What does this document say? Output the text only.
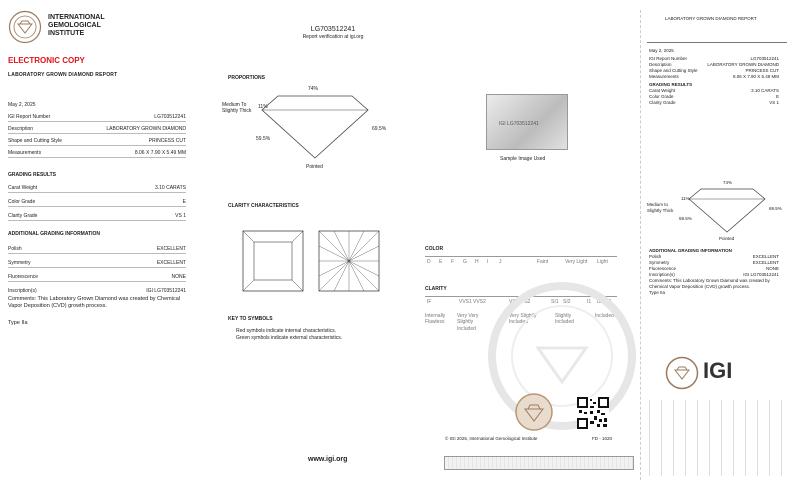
INTERNATIONAL
GEMOLOGICAL
INSTITUTE
ELECTRONIC COPY
LABORATORY GROWN DIAMOND REPORT
May 2, 2025
IGI Report Number	LG703512241
Description	LABORATORY GROWN DIAMOND
Shape and Cutting Style	PRINCESS CUT
Measurements	8.06 X 7.90 X 5.49 MM
GRADING RESULTS
Carat Weight	3.10 CARATS
Color Grade	E
Clarity Grade	VS 1
ADDITIONAL GRADING INFORMATION
Polish	EXCELLENT
Symmetry	EXCELLENT
Fluorescence	NONE
Inscription(s)	IGI LG703512241
Comments: This Laboratory Grown Diamond was created by Chemical Vapor Deposition (CVD) growth process.
Type IIa
LG703512241
Report verification at igi.org
PROPORTIONS
74%
69.5%
11%
59.5%
Medium To Slightly Thick
Pointed
IGI LG703512241
Sample Image Used
CLARITY CHARACTERISTICS
KEY TO SYMBOLS
Red symbols indicate internal characteristics.
Green symbols indicate external characteristics.
COLOR
D E F G H I J	Faint	Very Light Light
CLARITY
IF	VVS1 VVS2	VS1 VS2	SI1 SI2	I1 I2 I3
Internally Flawless
Very Very Slightly Included
Very Slightly Included
Slightly Included
Included
© IGI 2025, International Gemological Institute	FD - 1020
www.igi.org
LABORATORY GROWN DIAMOND REPORT
May 2, 2025
IGI Report Number	LG703512241
Description	LABORATORY GROWN DIAMOND
Shape and Cutting Style	PRINCESS CUT
Measurements	8.06 X 7.90 X 5.49 MM
GRADING RESULTS
Carat Weight	3.10 CARATS
Color Grade	E
Clarity Grade	VS 1
74%
69.5%
11%
59.5%
Medium to Slightly Thick
Pointed
ADDITIONAL GRADING INFORMATION
Polish	EXCELLENT
Symmetry	EXCELLENT
Fluorescence	NONE
Inscription(s)	IGI LG703512241
Comments: This Laboratory Grown Diamond was created by Chemical Vapor Deposition (CVD) growth process.
Type IIa
IGI
